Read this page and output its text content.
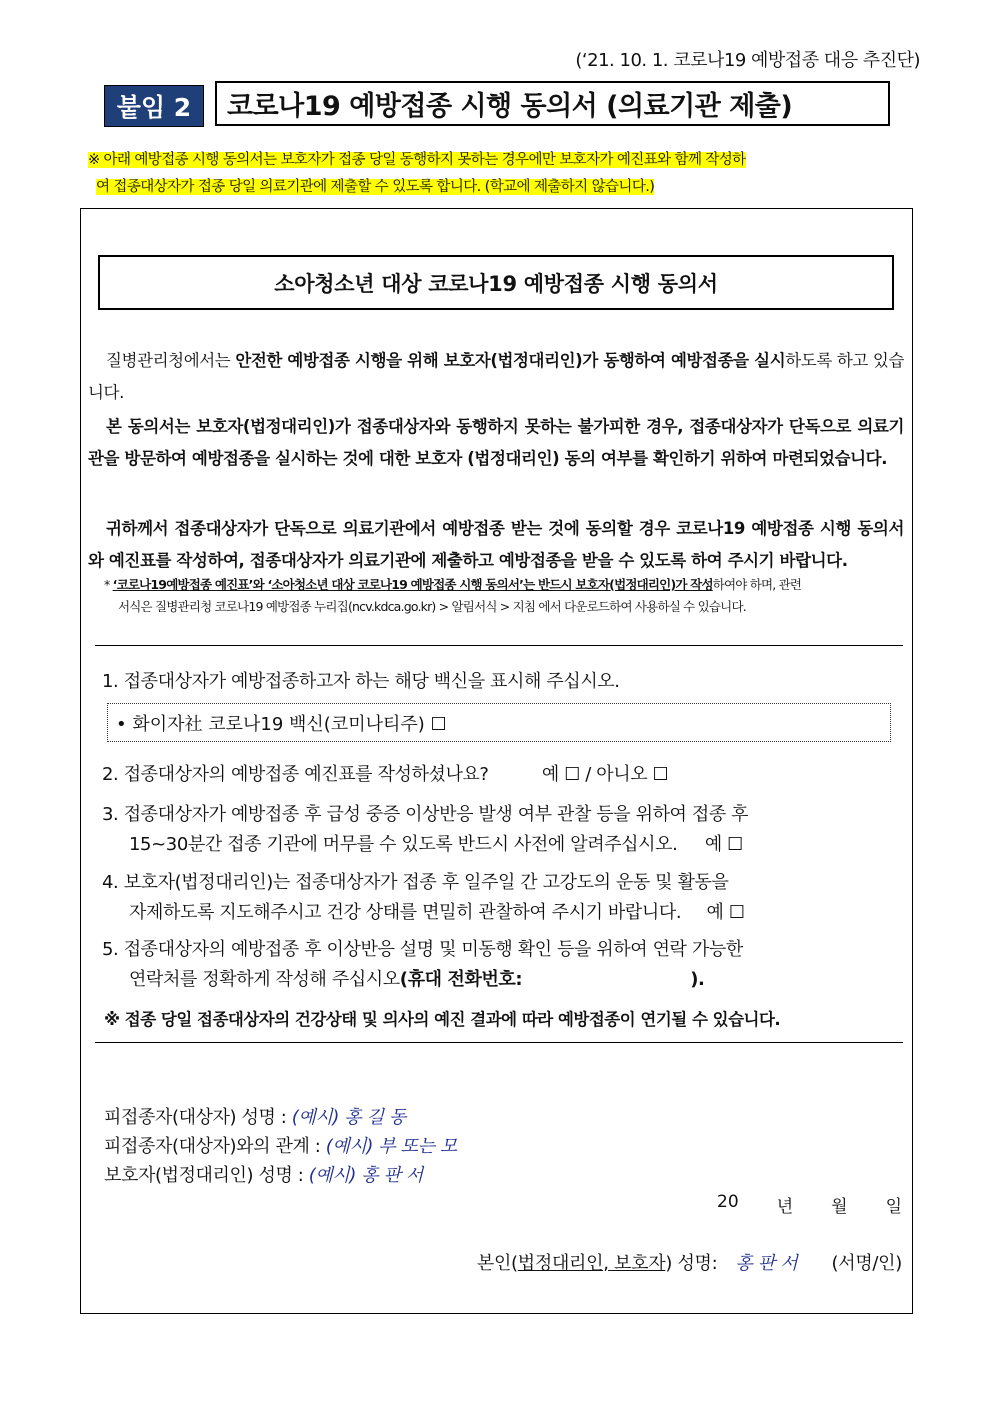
(‘21. 10. 1. 코로나19 예방접종 대응 추진단)
붙임 2	코로나19 예방접종 시행 동의서 (의료기관 제출)
※ 아래 예방접종 시행 동의서는 보호자가 접종 당일 동행하지 못하는 경우에만 보호자가 예진표와 함께 작성하
여 접종대상자가 접종 당일 의료기관에 제출할 수 있도록 합니다. (학교에 제출하지 않습니다.)
소아청소년 대상 코로나19 예방접종 시행 동의서
질병관리청에서는 안전한 예방접종 시행을 위해 보호자(법정대리인)가 동행하여 예방접종을 실시하도록 하고 있습니다.
본 동의서는 보호자(법정대리인)가 접종대상자와 동행하지 못하는 불가피한 경우, 접종대상자가 단독으로 의료기관을 방문하여 예방접종을 실시하는 것에 대한 보호자 (법정대리인) 동의 여부를 확인하기 위하여 마련되었습니다.
귀하께서 접종대상자가 단독으로 의료기관에서 예방접종 받는 것에 동의할 경우 코로나19 예방접종 시행 동의서와 예진표를 작성하여, 접종대상자가 의료기관에 제출하고 예방접종을 받을 수 있도록 하여 주시기 바랍니다.
* ‘코로나19예방접종 예진표’와 ‘소아청소년 대상 코로나19 예방접종 시행 동의서’는 반드시 보호자(법정대리인)가 작성하여야 하며, 관련
서식은 질병관리청 코로나19 예방접종 누리집(ncv.kdca.go.kr) > 알림서식 > 지침 에서 다운로드하여 사용하실 수 있습니다.
1. 접종대상자가 예방접종하고자 하는 해당 백신을 표시해 주십시오.
• 화이자社 코로나19 백신(코미나티주) ☐
2. 접종대상자의 예방접종 예진표를 작성하셨나요?	예 ☐ / 아니오 ☐
3. 접종대상자가 예방접종 후 급성 중증 이상반응 발생 여부 관찰 등을 위하여 접종 후
15~30분간 접종 기관에 머무를 수 있도록 반드시 사전에 알려주십시오. 예 ☐
4. 보호자(법정대리인)는 접종대상자가 접종 후 일주일 간 고강도의 운동 및 활동을
자제하도록 지도해주시고 건강 상태를 면밀히 관찰하여 주시기 바랍니다. 예 ☐
5. 접종대상자의 예방접종 후 이상반응 설명 및 미동행 확인 등을 위하여 연락 가능한
연락처를 정확하게 작성해 주십시오(휴대 전화번호:	).
※ 접종 당일 접종대상자의 건강상태 및 의사의 예진 결과에 따라 예방접종이 연기될 수 있습니다.
피접종자(대상자) 성명 : (예시) 홍 길 동
피접종자(대상자)와의 관계 : (예시) 부 또는 모
보호자(법정대리인) 성명 : (예시) 홍 판 서
20 년 월 일
본인(법정대리인, 보호자) 성명: 홍 판 서 (서명/인)
